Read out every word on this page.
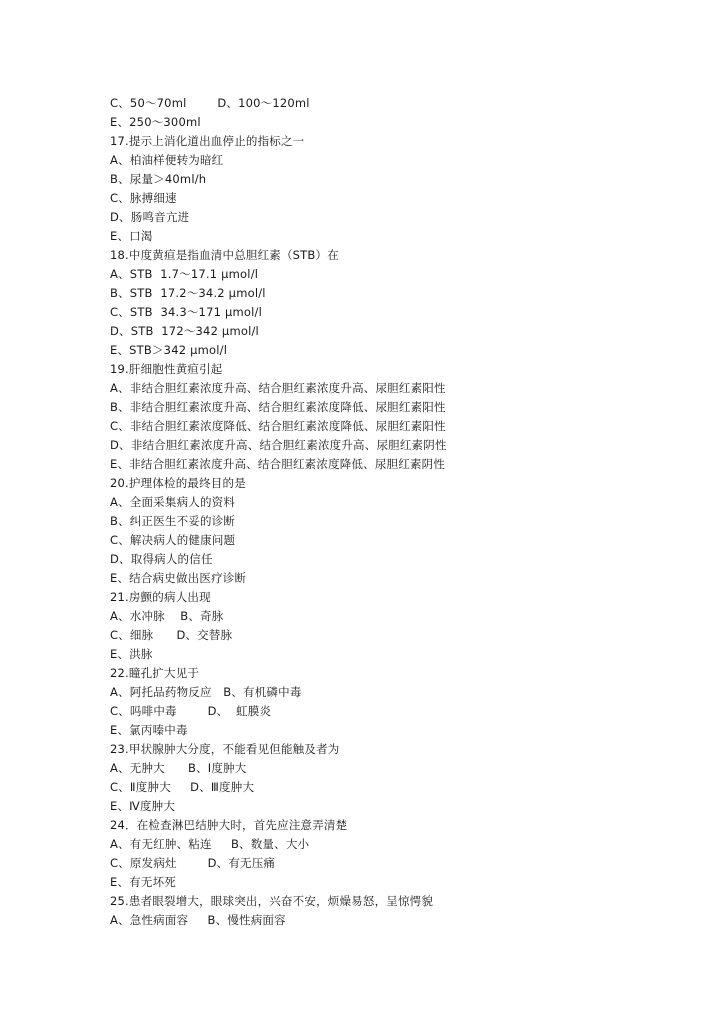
C、50～70ml        D、100～120ml
E、250～300ml
17.提示上消化道出血停止的指标之一
A、柏油样便转为暗红
B、尿量＞40ml/h
C、脉搏细速
D、肠鸣音亢进
E、口渴
18.中度黄疸是指血清中总胆红素（STB）在
A、STB  1.7～17.1 μmol/l
B、STB  17.2～34.2 μmol/l
C、STB  34.3～171 μmol/l
D、STB  172～342 μmol/l
E、STB＞342 μmol/l
19.肝细胞性黄疸引起
A、非结合胆红素浓度升高、结合胆红素浓度升高、尿胆红素阳性
B、非结合胆红素浓度升高、结合胆红素浓度降低、尿胆红素阳性
C、非结合胆红素浓度降低、结合胆红素浓度降低、尿胆红素阳性
D、非结合胆红素浓度升高、结合胆红素浓度升高、尿胆红素阴性
E、非结合胆红素浓度升高、结合胆红素浓度降低、尿胆红素阴性
20.护理体检的最终目的是
A、全面采集病人的资料
B、纠正医生不妥的诊断
C、解决病人的健康问题
D、取得病人的信任
E、结合病史做出医疗诊断
21.房颤的病人出现
A、水冲脉    B、奇脉
C、细脉      D、交替脉
E、洪脉
22.瞳孔扩大见于
A、阿托品药物反应   B、有机磷中毒
C、吗啡中毒        D、  虹膜炎
E、氯丙嗪中毒
23.甲状腺肿大分度，不能看见但能触及者为
A、无肿大      B、Ⅰ度肿大
C、Ⅱ度肿大     D、Ⅲ度肿大
E、Ⅳ度肿大
24．在检查淋巴结肿大时，首先应注意弄清楚
A、有无红肿、粘连     B、数量、大小
C、原发病灶        D、有无压痛
E、有无坏死
25.患者眼裂增大，眼球突出，兴奋不安，烦燥易怒，呈惊愕貌
A、急性病面容     B、慢性病面容
